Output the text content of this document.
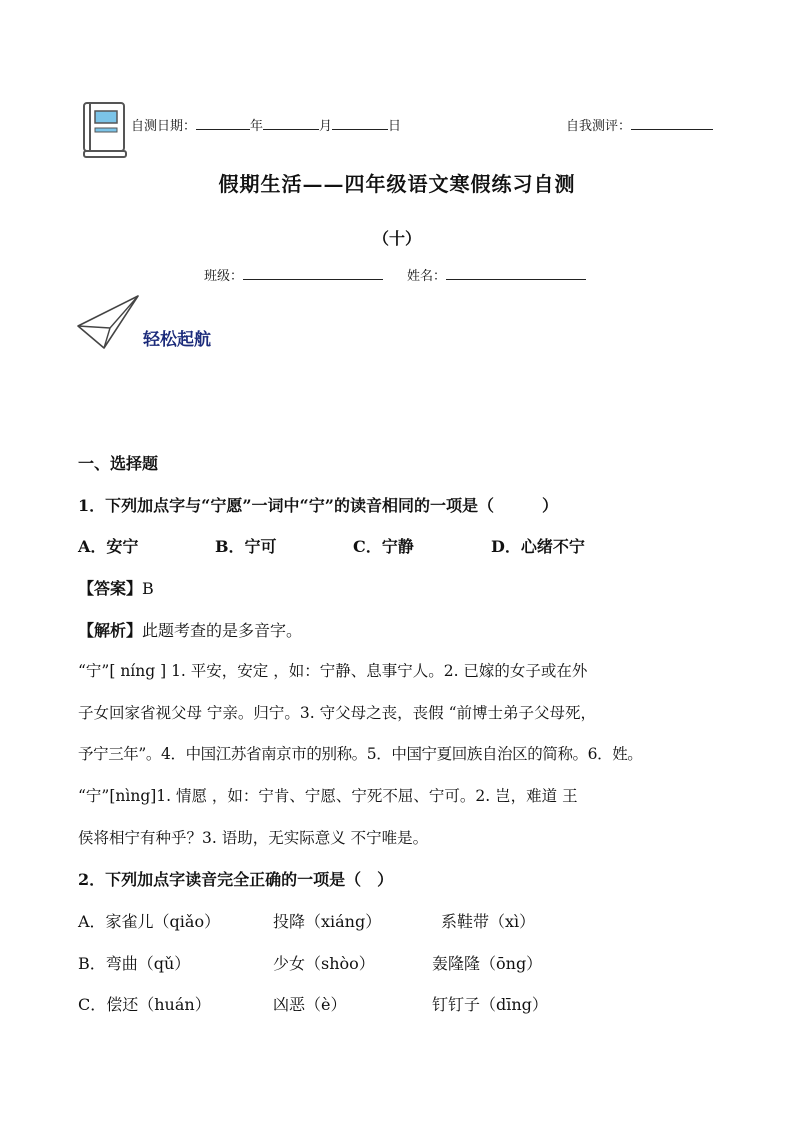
自测日期：	年	月	日	自我测评：
假期生活——四年级语文寒假练习自测
（十）
班级：	姓名：
轻松起航
一、选择题
1．下列加点字与“宁愿”一词中“宁”的读音相同的一项是（　　　）
A．安宁	B．宁可	C．宁静	D．心绪不宁
【答案】B
【解析】此题考查的是多音字。
“宁”[ níng ] 1. 平安，安定 ，如：宁静、息事宁人。2. 已嫁的女子或在外
子女回家省视父母 宁亲。归宁。3. 守父母之丧，丧假 “前博士弟子父母死，
予宁三年”。4．中国江苏省南京市的别称。5．中国宁夏回族自治区的简称。6．姓。
“宁”[nìng]1. 情愿 ，如：宁肯、宁愿、宁死不屈、宁可。2. 岂，难道 王
侯将相宁有种乎？3. 语助，无实际意义 不宁唯是。
2．下列加点字读音完全正确的一项是（　）
A．家雀儿（qiǎo）	投降（xiáng）	系鞋带（xì）
B．弯曲（qǔ）	少女（shòo）	轰隆隆（ōng）
C．偿还（huán）	凶恶（è）	钉钉子（dīng）
